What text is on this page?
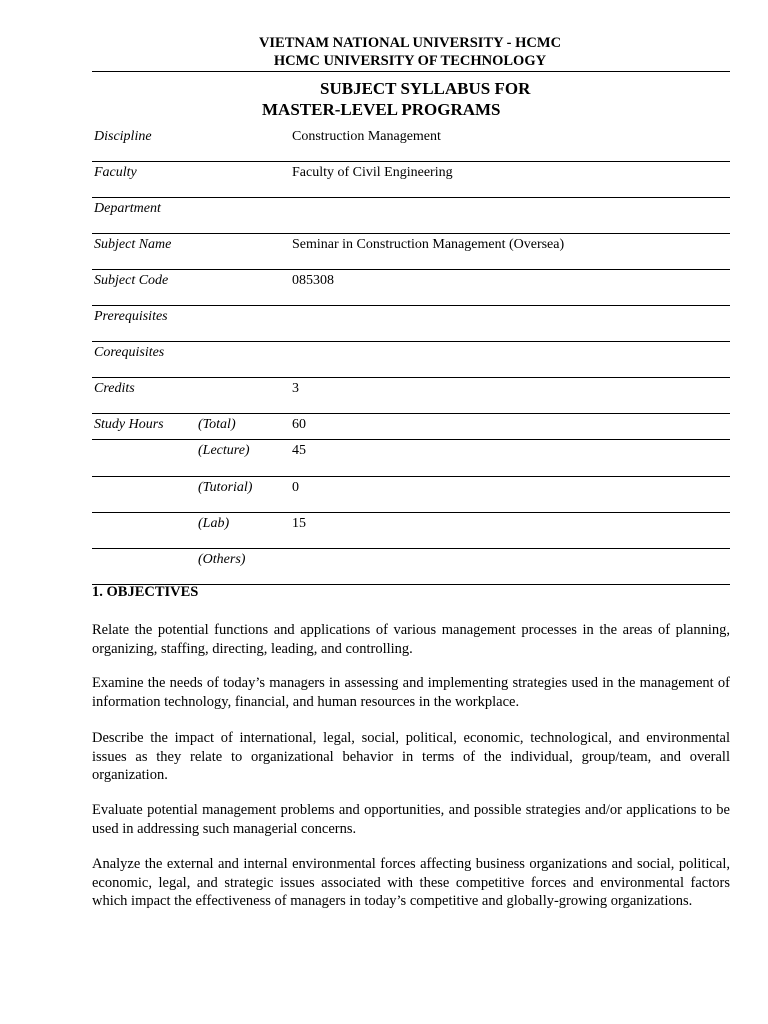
VIETNAM NATIONAL UNIVERSITY - HCMC
HCMC UNIVERSITY OF TECHNOLOGY
SUBJECT SYLLABUS FOR
MASTER-LEVEL PROGRAMS
Discipline	Construction Management
Faculty	Faculty of Civil Engineering
Department
Subject Name	Seminar in Construction Management (Oversea)
Subject Code	085308
Prerequisites
Corequisites
Credits	3
Study Hours (Total)	60
(Lecture)	45
(Tutorial)	0
(Lab)	15
(Others)
1. OBJECTIVES
Relate the potential functions and applications of various management processes in the areas of planning, organizing, staffing, directing, leading, and controlling.
Examine the needs of today’s managers in assessing and implementing strategies used in the management of information technology, financial, and human resources in the workplace.
Describe the impact of international, legal, social, political, economic, technological, and environmental issues as they relate to organizational behavior in terms of the individual, group/team, and overall organization.
Evaluate potential management problems and opportunities, and possible strategies and/or applications to be used in addressing such managerial concerns.
Analyze the external and internal environmental forces affecting business organizations and social, political, economic, legal, and strategic issues associated with these competitive forces and environmental factors which impact the effectiveness of managers in today’s competitive and globally-growing organizations.
